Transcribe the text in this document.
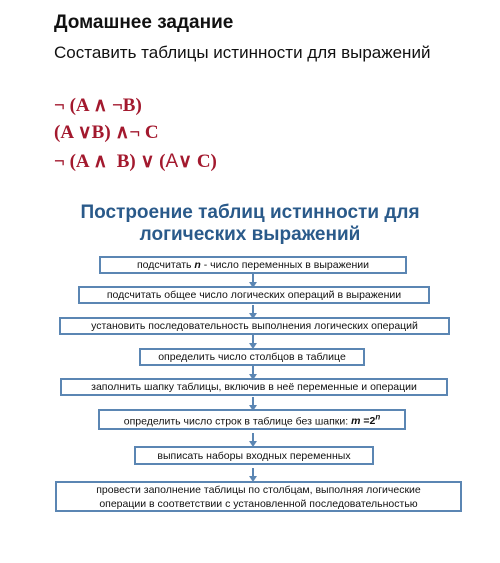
Домашнее задание
Составить таблицы истинности для выражений
¬ (A ∧ ¬B)
(A ∨B) ∧¬ C
¬ (A ∧  B) ∨ (A∨ C)
Построение таблиц истинности для
логических выражений
подсчитать n - число переменных в выражении
подсчитать общее число логических операций в выражении
установить последовательность выполнения логических операций
определить число столбцов в таблице
заполнить шапку таблицы, включив в неё переменные и операции
определить число строк в таблице без шапки: $m =2^n$
выписать наборы входных переменных
провести заполнение таблицы по столбцам, выполняя логические
операции в соответствии с установленной последовательностью
